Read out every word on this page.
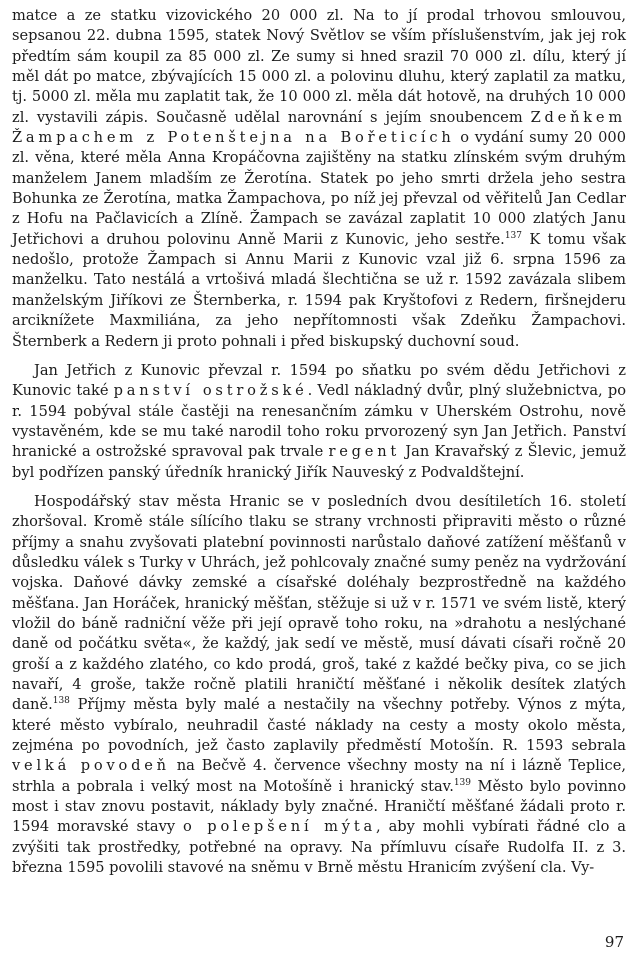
matce a ze statku vizovického 20 000 zl. Na to jí prodal trhovou smlouvou, sepsanou 22. dubna 1595, statek Nový Světlov se vším příslušenstvím, jak jej rok předtím sám koupil za 85 000 zl. Ze sumy si hned srazil 70 000 zl. dílu, který jí měl dát po matce, zbývajících 15 000 zl. a polovinu dluhu, který zaplatil za matku, tj. 5000 zl. měla mu zaplatit tak, že 10 000 zl. měla dát hotově, na druhých 10 000 zl. vystavili zápis. Současně udělal narovnání s jejím snoubencem Zdeňkem Žampachem z Potenštejna na Bořeticích o vydání sumy 20 000 zl. věna, které měla Anna Kropáčovna zajištěny na statku zlínském svým druhým manželem Janem mladším ze Žerotína. Statek po jeho smrti držela jeho sestra Bohunka ze Žerotína, matka Žampachova, po níž jej převzal od věřitelů Jan Cedlar z Hofu na Pačlavicích a Zlíně. Žampach se zavázal zaplatit 10 000 zlatých Janu Jetřichovi a druhou polovinu Anně Marii z Kunovic, jeho sestře.$^{137}$ K tomu však nedošlo, protože Žampach si Annu Marii z Kunovic vzal již 6. srpna 1596 za manželku. Tato nestálá a vrtošivá mladá šlechtična se už r. 1592 zavázala slibem manželským Jiříkovi ze Šternberka, r. 1594 pak Kryštofovi z Redern, firšnejderu arciknížete Maxmiliána, za jeho nepřítomnosti však Zdeňku Žampachovi. Šternberk a Redern ji proto pohnali i před biskupský duchovní soud.

Jan Jetřich z Kunovic převzal r. 1594 po sňatku po svém dědu Jetřichovi z Kunovic také panství ostrožské. Vedl nákladný dvůr, plný služebnictva, po r. 1594 pobýval stále častěji na renesančním zámku v Uherském Ostrohu, nově vystavěném, kde se mu také narodil toho roku prvorozený syn Jan Jetřich. Panství hranické a ostrožské spravoval pak trvale regent Jan Kravařský z Šlevic, jemuž byl podřízen panský úředník hranický Jiřík Nauveský z Podvaldštejní.

Hospodářský stav města Hranic se v posledních dvou desítiletích 16. století zhoršoval. Kromě stále sílícího tlaku se strany vrchnosti připraviti město o různé příjmy a snahu zvyšovati platební povinnosti narůstalo daňové zatížení měšťanů v důsledku válek s Turky v Uhrách, jež pohlcovaly značné sumy peněz na vydržování vojska. Daňové dávky zemské a císařské doléhaly bezprostředně na každého měšťana. Jan Horáček, hranický měšťan, stěžuje si už v r. 1571 ve svém listě, který vložil do báně radniční věže při její opravě toho roku, na »drahotu a neslýchané daně od počátku světa«, že každý, jak sedí ve městě, musí dávati císaři ročně 20 groší a z každého zlatého, co kdo prodá, groš, také z každé bečky piva, co se jich navaří, 4 groše, takže ročně platili hraničtí měšťané i několik desítek zlatých daně.$^{138}$ Příjmy města byly malé a nestačily na všechny potřeby. Výnos z mýta, které město vybíralo, neuhradil časté náklady na cesty a mosty okolo města, zejména po povodních, jež často zaplavily předměstí Motošín. R. 1593 sebrala velká povodeň na Bečvě 4. července všechny mosty na ní i lázně Teplice, strhla a pobrala i velký most na Motošíně i hranický stav.$^{139}$ Město bylo povinno most i stav znovu postavit, náklady byly značné. Hraničtí měšťané žádali proto r. 1594 moravské stavy o polepšení mýta, aby mohli vybírati řádné clo a zvýšiti tak prostředky, potřebné na opravy. Na přímluvu císaře Rudolfa II. z 3. března 1595 povolili stavové na sněmu v Brně městu Hranicím zvýšení cla. Vy-

97
